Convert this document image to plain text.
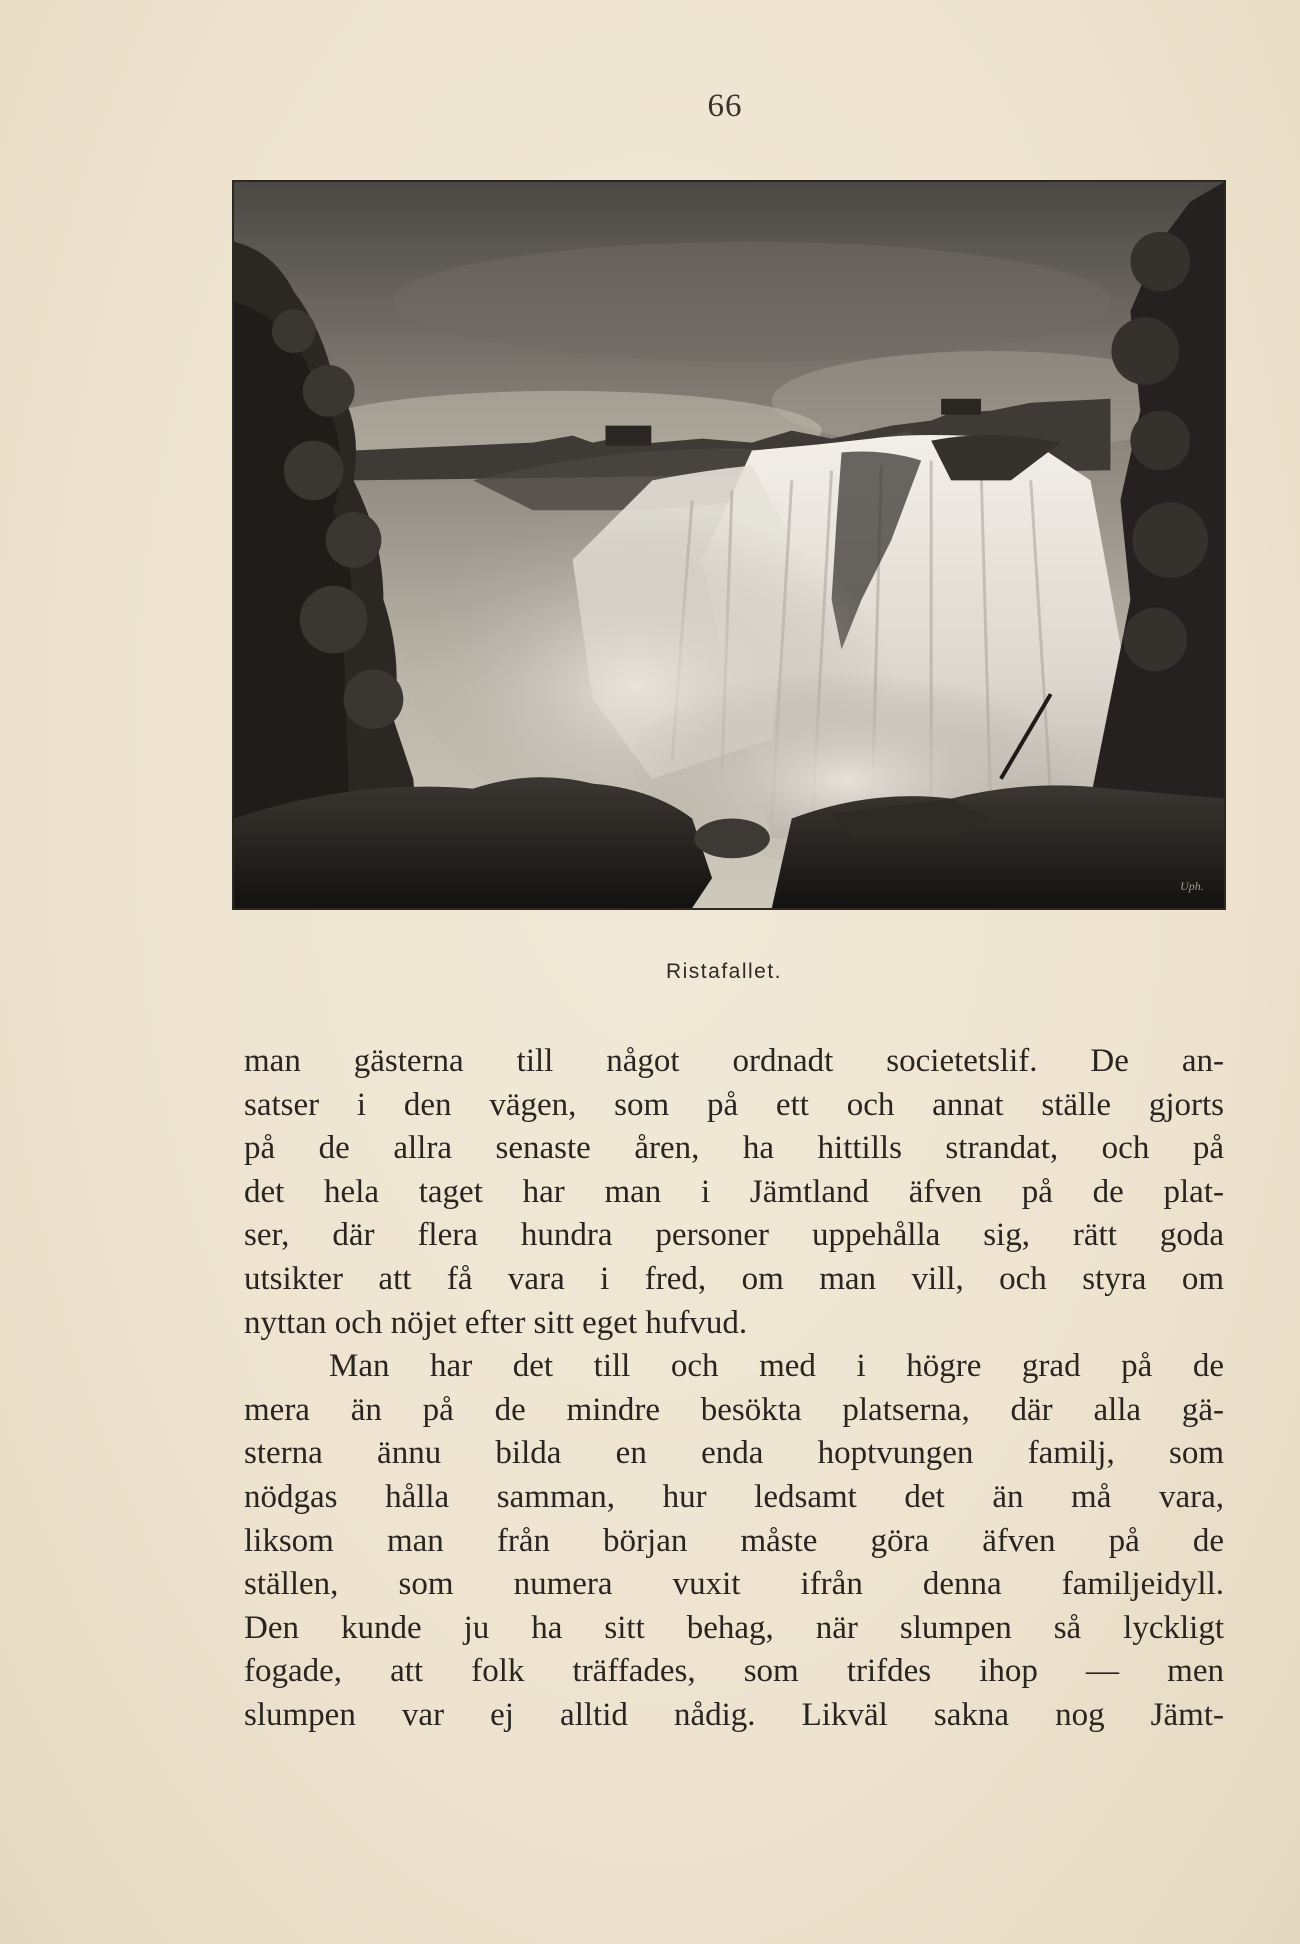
66
Uph.
Ristafallet.

man gästerna till något ordnadt societetslif. De an-

satser i den vägen, som på ett och annat ställe gjorts

på de allra senaste åren, ha hittills strandat, och på

det hela taget har man i Jämtland äfven på de plat-

ser, där flera hundra personer uppehålla sig, rätt goda

utsikter att få vara i fred, om man vill, och styra om

nyttan och nöjet efter sitt eget hufvud.

Man har det till och med i högre grad på de

mera än på de mindre besökta platserna, där alla gä-

sterna ännu bilda en enda hoptvungen familj, som

nödgas hålla samman, hur ledsamt det än må vara,

liksom man från början måste göra äfven på de

ställen, som numera vuxit ifrån denna familjeidyll.

Den kunde ju ha sitt behag, när slumpen så lyckligt

fogade, att folk träffades, som trifdes ihop — men

slumpen var ej alltid nådig. Likväl sakna nog Jämt-
